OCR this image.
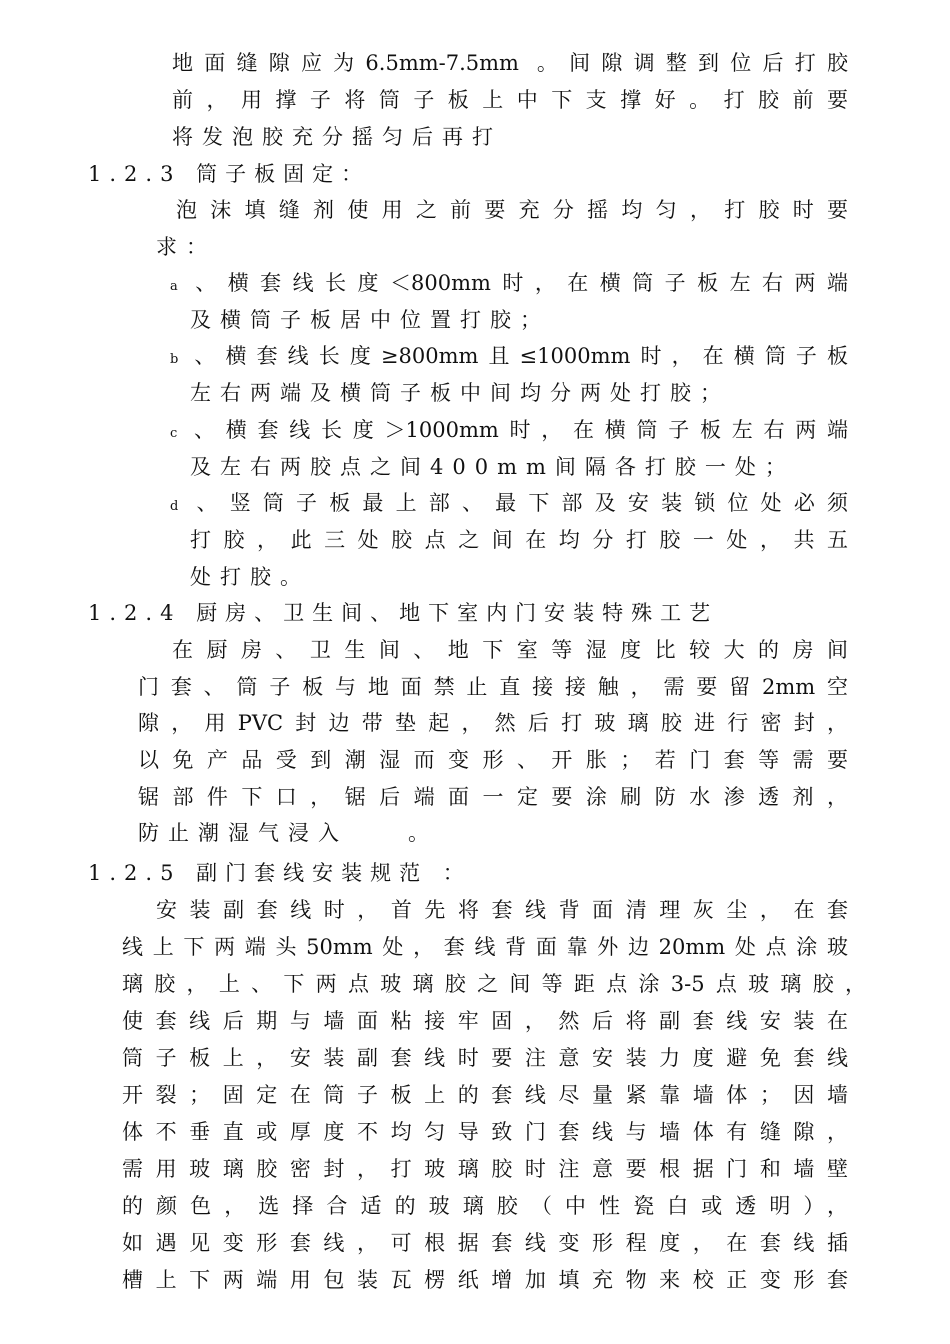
地面缝隙应为6.5mm-7.5mm 。间隙调整到位后打胶
前，用撑子将筒子板上中下支撑好。打胶前要
将发泡胶充分摇匀后再打
1.2.3 筒子板固定：
泡沫填缝剂使用之前要充分摇均匀，打胶时要
求：
a 、横套线长度＜800mm时，在横筒子板左右两端
及横筒子板居中位置打胶；
b 、横套线长度≥800mm且≤1000mm时，在横筒子板
左右两端及横筒子板中间均分两处打胶；
c 、横套线长度＞1000mm时，在横筒子板左右两端
及左右两胶点之间400mm间隔各打胶一处；
d 、竖筒子板最上部、最下部及安装锁位处必须
打胶，此三处胶点之间在均分打胶一处，共五
处打胶。
1.2.4 厨房、卫生间、地下室内门安装特殊工艺
在厨房、卫生间、地下室等湿度比较大的房间
门套、筒子板与地面禁止直接接触，需要留2mm空
隙，用PVC封边带垫起，然后打玻璃胶进行密封，
以免产品受到潮湿而变形、开胀；若门套等需要
锯部件下口，锯后端面一定要涂刷防水渗透剂，
防止潮湿气浸入　　。
1.2.5 副门套线安装规范 ：
安装副套线时，首先将套线背面清理灰尘，在套
线上下两端头50mm处，套线背面靠外边20mm处点涂玻
璃胶，上、下两点玻璃胶之间等距点涂3-5点玻璃胶，
使套线后期与墙面粘接牢固，然后将副套线安装在
筒子板上，安装副套线时要注意安装力度避免套线
开裂；固定在筒子板上的套线尽量紧靠墙体；因墙
体不垂直或厚度不均匀导致门套线与墙体有缝隙，
需用玻璃胶密封，打玻璃胶时注意要根据门和墙壁
的颜色，选择合适的玻璃胶（中性瓷白或透明），
如遇见变形套线，可根据套线变形程度，在套线插
槽上下两端用包装瓦楞纸增加填充物来校正变形套
